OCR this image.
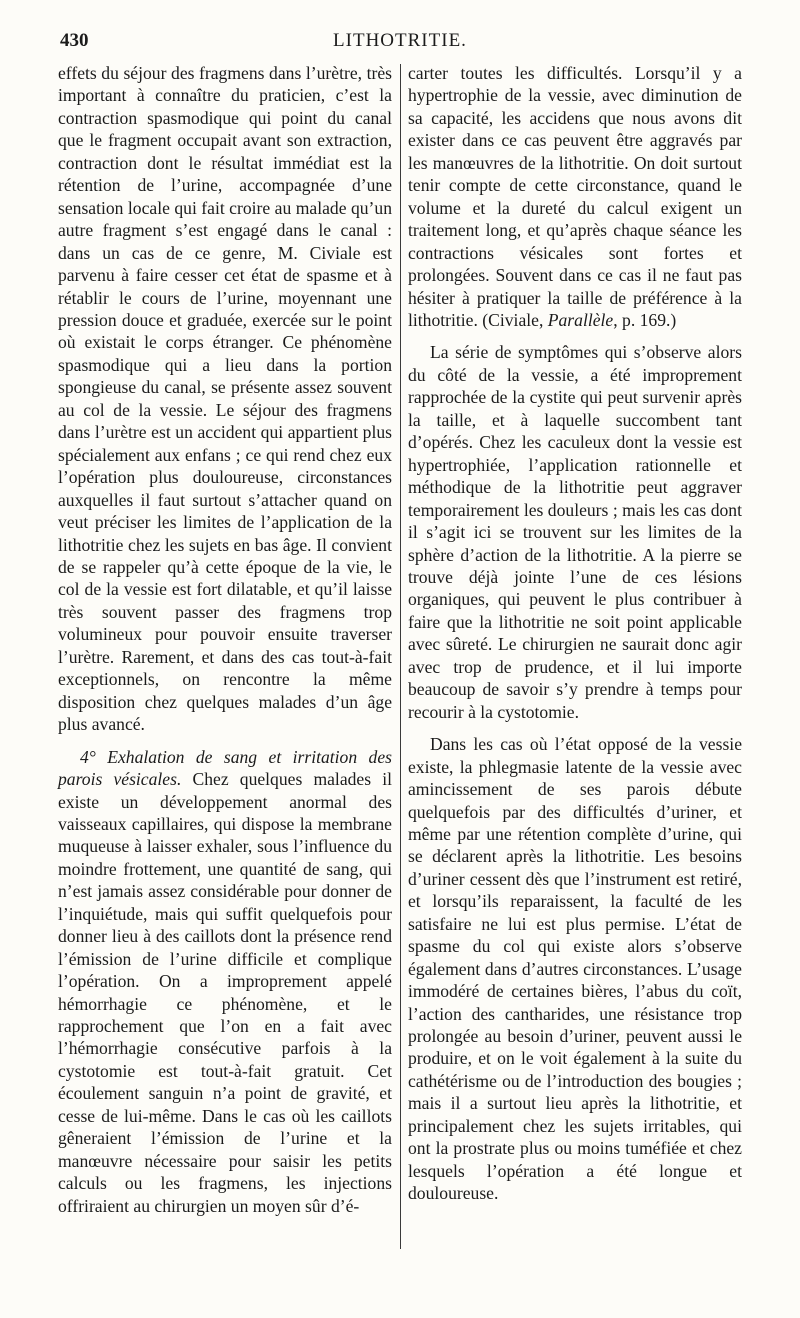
LITHOTRITIE.
430

effets du séjour des fragmens dans l’urètre, très important à connaître du praticien, c’est la contraction spasmodique qui point du canal que le fragment occupait avant son extraction, contraction dont le résultat immédiat est la rétention de l’urine, accompagnée d’une sensation locale qui fait croire au malade qu’un autre fragment s’est engagé dans le canal : dans un cas de ce genre, M. Civiale est parvenu à faire cesser cet état de spasme et à rétablir le cours de l’urine, moyennant une pression douce et graduée, exercée sur le point où existait le corps étranger. Ce phénomène spasmodique qui a lieu dans la portion spongieuse du canal, se présente assez souvent au col de la vessie. Le séjour des fragmens dans l’urètre est un accident qui appartient plus spécialement aux enfans ; ce qui rend chez eux l’opération plus douloureuse, circonstances auxquelles il faut surtout s’attacher quand on veut préciser les limites de l’application de la lithotritie chez les sujets en bas âge. Il convient de se rappeler qu’à cette époque de la vie, le col de la vessie est fort dilatable, et qu’il laisse très souvent passer des fragmens trop volumineux pour pouvoir ensuite traverser l’urètre. Rarement, et dans des cas tout-à-fait exceptionnels, on rencontre la même disposition chez quelques malades d’un âge plus avancé.

4° Exhalation de sang et irritation des parois vésicales. Chez quelques malades il existe un développement anormal des vaisseaux capillaires, qui dispose la membrane muqueuse à laisser exhaler, sous l’influence du moindre frottement, une quantité de sang, qui n’est jamais assez considérable pour donner de l’inquiétude, mais qui suffit quelquefois pour donner lieu à des caillots dont la présence rend l’émission de l’urine difficile et complique l’opération. On a improprement appelé hémorrhagie ce phénomène, et le rapprochement que l’on en a fait avec l’hémorrhagie consécutive parfois à la cystotomie est tout-à-fait gratuit. Cet écoulement sanguin n’a point de gravité, et cesse de lui-même. Dans le cas où les caillots gêneraient l’émission de l’urine et la manœuvre nécessaire pour saisir les petits calculs ou les fragmens, les injections offriraient au chirurgien un moyen sûr d’é-

carter toutes les difficultés. Lorsqu’il y a hypertrophie de la vessie, avec diminution de sa capacité, les accidens que nous avons dit exister dans ce cas peuvent être aggravés par les manœuvres de la lithotritie. On doit surtout tenir compte de cette circonstance, quand le volume et la dureté du calcul exigent un traitement long, et qu’après chaque séance les contractions vésicales sont fortes et prolongées. Souvent dans ce cas il ne faut pas hésiter à pratiquer la taille de préférence à la lithotritie. (Civiale, Parallèle, p. 169.)

La série de symptômes qui s’observe alors du côté de la vessie, a été improprement rapprochée de la cystite qui peut survenir après la taille, et à laquelle succombent tant d’opérés. Chez les caculeux dont la vessie est hypertrophiée, l’application rationnelle et méthodique de la lithotritie peut aggraver temporairement les douleurs ; mais les cas dont il s’agit ici se trouvent sur les limites de la sphère d’action de la lithotritie. A la pierre se trouve déjà jointe l’une de ces lésions organiques, qui peuvent le plus contribuer à faire que la lithotritie ne soit point applicable avec sûreté. Le chirurgien ne saurait donc agir avec trop de prudence, et il lui importe beaucoup de savoir s’y prendre à temps pour recourir à la cystotomie.

Dans les cas où l’état opposé de la vessie existe, la phlegmasie latente de la vessie avec amincissement de ses parois débute quelquefois par des difficultés d’uriner, et même par une rétention complète d’urine, qui se déclarent après la lithotritie. Les besoins d’uriner cessent dès que l’instrument est retiré, et lorsqu’ils reparaissent, la faculté de les satisfaire ne lui est plus permise. L’état de spasme du col qui existe alors s’observe également dans d’autres circonstances. L’usage immodéré de certaines bières, l’abus du coït, l’action des cantharides, une résistance trop prolongée au besoin d’uriner, peuvent aussi le produire, et on le voit également à la suite du cathétérisme ou de l’introduction des bougies ; mais il a surtout lieu après la lithotritie, et principalement chez les sujets irritables, qui ont la prostrate plus ou moins tuméfiée et chez lesquels l’opération a été longue et douloureuse.
